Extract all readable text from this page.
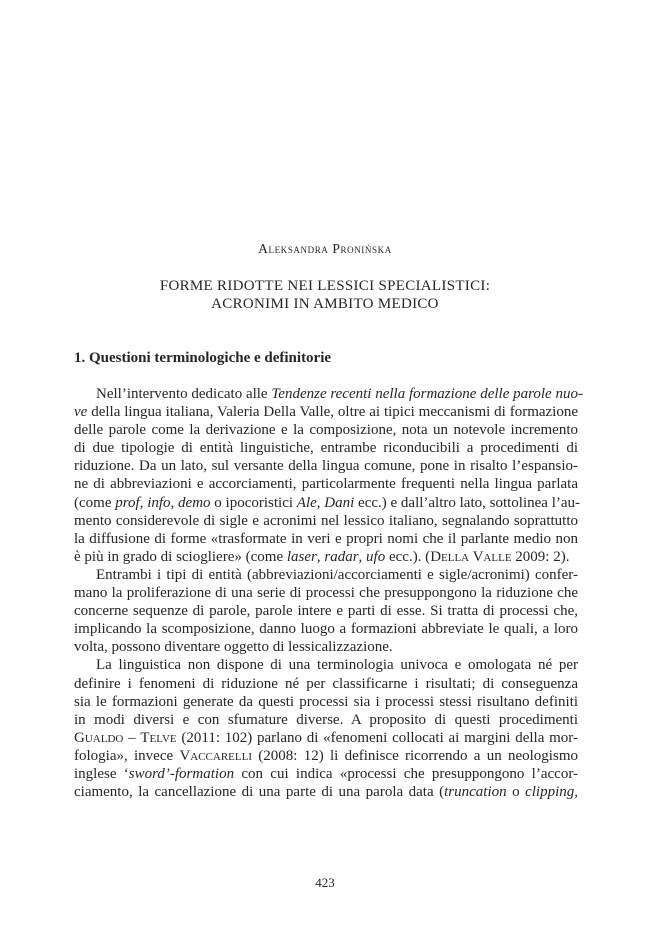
Aleksandra Pronińska
FORME RIDOTTE NEI LESSICI SPECIALISTICI:
ACRONIMI IN AMBITO MEDICO
1. Questioni terminologiche e definitorie
Nell’intervento dedicato alle Tendenze recenti nella formazione delle parole nuo-
ve della lingua italiana, Valeria Della Valle, oltre ai tipici meccanismi di formazione
delle parole come la derivazione e la composizione, nota un notevole incremento
di due tipologie di entità linguistiche, entrambe riconducibili a procedimenti di
riduzione. Da un lato, sul versante della lingua comune, pone in risalto l’espansio-
ne di abbreviazioni e accorciamenti, particolarmente frequenti nella lingua parlata
(come prof, info, demo o ipocoristici Ale, Dani ecc.) e dall’altro lato, sottolinea l’au-
mento considerevole di sigle e acronimi nel lessico italiano, segnalando soprattutto
la diffusione di forme «trasformate in veri e propri nomi che il parlante medio non
è più in grado di sciogliere» (come laser, radar, ufo ecc.). (Della Valle 2009: 2).
Entrambi i tipi di entità (abbreviazioni/accorciamenti e sigle/acronimi) confer-
mano la proliferazione di una serie di processi che presuppongono la riduzione che
concerne sequenze di parole, parole intere e parti di esse. Si tratta di processi che,
implicando la scomposizione, danno luogo a formazioni abbreviate le quali, a loro
volta, possono diventare oggetto di lessicalizzazione.
La linguistica non dispone di una terminologia univoca e omologata né per
definire i fenomeni di riduzione né per classificarne i risultati; di conseguenza
sia le formazioni generate da questi processi sia i processi stessi risultano definiti
in modi diversi e con sfumature diverse. A proposito di questi procedimenti
Gualdo – Telve (2011: 102) parlano di «fenomeni collocati ai margini della mor-
fologia», invece Vaccarelli (2008: 12) li definisce ricorrendo a un neologismo
inglese ‘sword’-formation con cui indica «processi che presuppongono l’accor-
ciamento, la cancellazione di una parte di una parola data (truncation o clipping,
423
